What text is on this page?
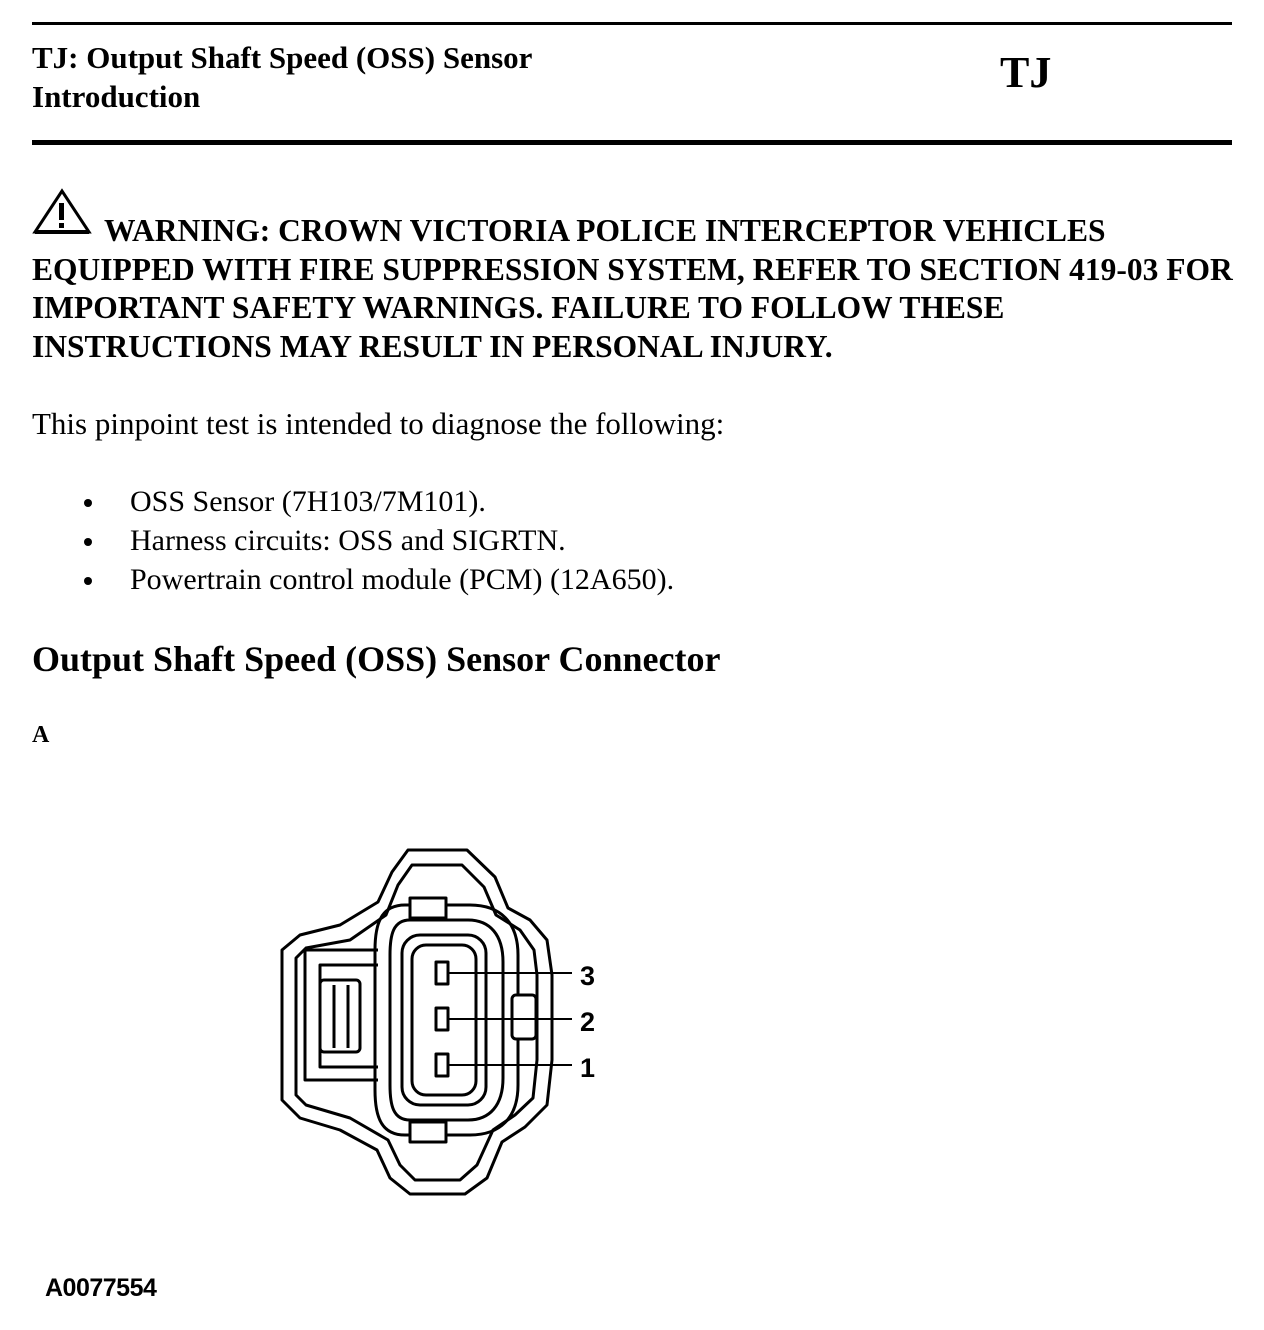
TJ: Output Shaft Speed (OSS) Sensor
Introduction	TJ
WARNING: CROWN VICTORIA POLICE INTERCEPTOR VEHICLES EQUIPPED WITH FIRE SUPPRESSION SYSTEM, REFER TO SECTION 419-03 FOR IMPORTANT SAFETY WARNINGS. FAILURE TO FOLLOW THESE INSTRUCTIONS MAY RESULT IN PERSONAL INJURY.
This pinpoint test is intended to diagnose the following:
OSS Sensor (7H103/7M101).
Harness circuits: OSS and SIGRTN.
Powertrain control module (PCM) (12A650).
Output Shaft Speed (OSS) Sensor Connector
A
3
2
1
A0077554
